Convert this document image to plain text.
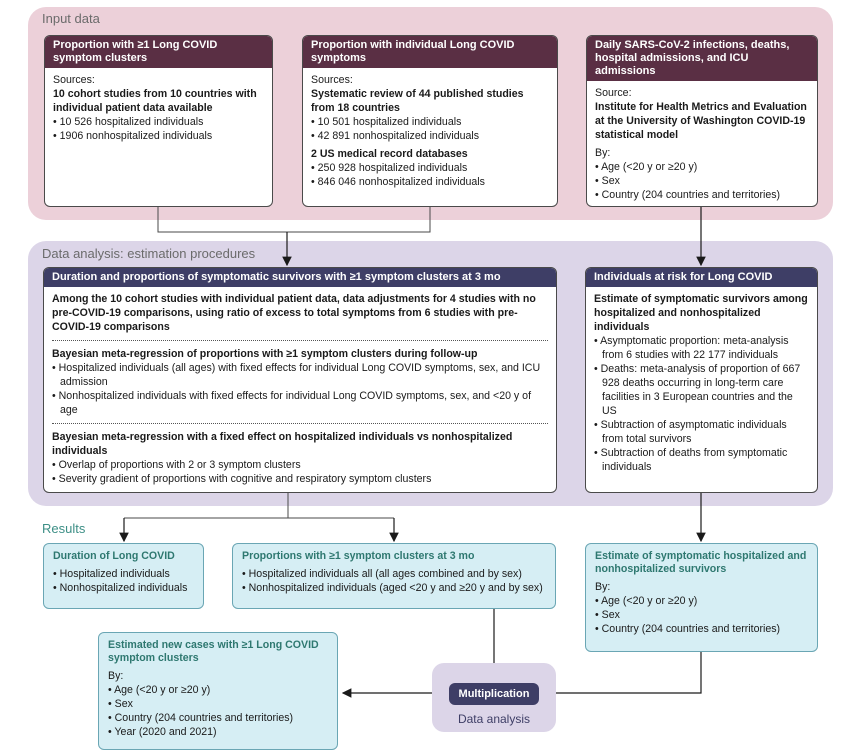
Input data
Data analysis: estimation procedures
Results
Proportion with ≥1 Long COVID symptom clusters
Sources:
10 cohort studies from 10 countries with individual patient data available
• 10 526 hospitalized individuals
• 1906 nonhospitalized individuals
Proportion with individual Long COVID symptoms
Sources:
Systematic review of 44 published studies from 18 countries
• 10 501 hospitalized individuals
• 42 891 nonhospitalized individuals
2 US medical record databases
• 250 928 hospitalized individuals
• 846 046 nonhospitalized individuals
Daily SARS-CoV-2 infections, deaths, hospital admissions, and ICU admissions
Source:
Institute for Health Metrics and Evaluation at the University of Washington COVID-19 statistical model
By:
• Age (<20 y or ≥20 y)
• Sex
• Country (204 countries and territories)
Duration and proportions of symptomatic survivors with ≥1 symptom clusters at 3 mo
Among the 10 cohort studies with individual patient data, data adjustments for 4 studies with no pre-COVID-19 comparisons, using ratio of excess to total symptoms from 6 studies with pre-COVID-19 comparisons
Bayesian meta-regression of proportions with ≥1 symptom clusters during follow-up
• Hospitalized individuals (all ages) with fixed effects for individual Long COVID symptoms, sex, and ICU admission
• Nonhospitalized individuals with fixed effects for individual Long COVID symptoms, sex, and <20 y of age
Bayesian meta-regression with a fixed effect on hospitalized individuals vs nonhospitalized individuals
• Overlap of proportions with 2 or 3 symptom clusters
• Severity gradient of proportions with cognitive and respiratory symptom clusters
Individuals at risk for Long COVID
Estimate of symptomatic survivors among hospitalized and nonhospitalized individuals
• Asymptomatic proportion: meta-analysis from 6 studies with 22 177 individuals
• Deaths: meta-analysis of proportion of 667 928 deaths occurring in long-term care facilities in 3 European countries and the US
• Subtraction of asymptomatic individuals from total survivors
• Subtraction of deaths from symptomatic individuals
Duration of Long COVID
• Hospitalized individuals
• Nonhospitalized individuals
Proportions with ≥1 symptom clusters at 3 mo
• Hospitalized individuals all (all ages combined and by sex)
• Nonhospitalized individuals (aged <20 y and ≥20 y and by sex)
Estimate of symptomatic hospitalized and nonhospitalized survivors
By:
• Age (<20 y or ≥20 y)
• Sex
• Country (204 countries and territories)
Estimated new cases with ≥1 Long COVID symptom clusters
By:
• Age (<20 y or ≥20 y)
• Sex
• Country (204 countries and territories)
• Year (2020 and 2021)
Multiplication
Data analysis
